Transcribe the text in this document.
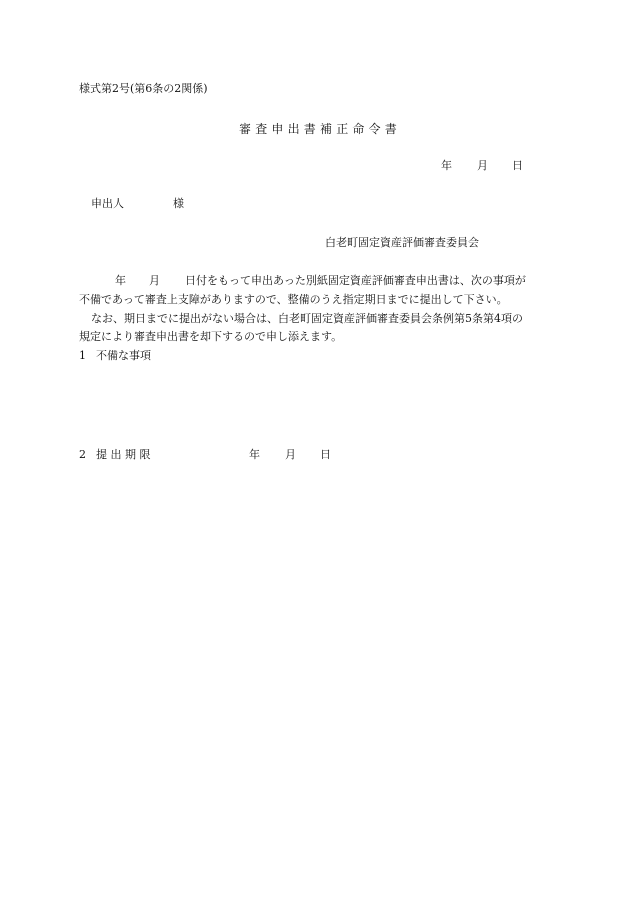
様式第2号(第6条の2関係)
審査申出書補正命令書
年 月 日
申出人	様
白老町固定資産評価審査委員会
年 月 日付をもって申出あった別紙固定資産評価審査申出書は、次の事項が
不備であって審査上支障がありますので、整備のうえ指定期日までに提出して下さい。
なお、期日までに提出がない場合は、白老町固定資産評価審査委員会条例第5条第4項の
規定により審査申出書を却下するので申し添えます。
1 不備な事項
2 提 出 期 限	年 月 日
